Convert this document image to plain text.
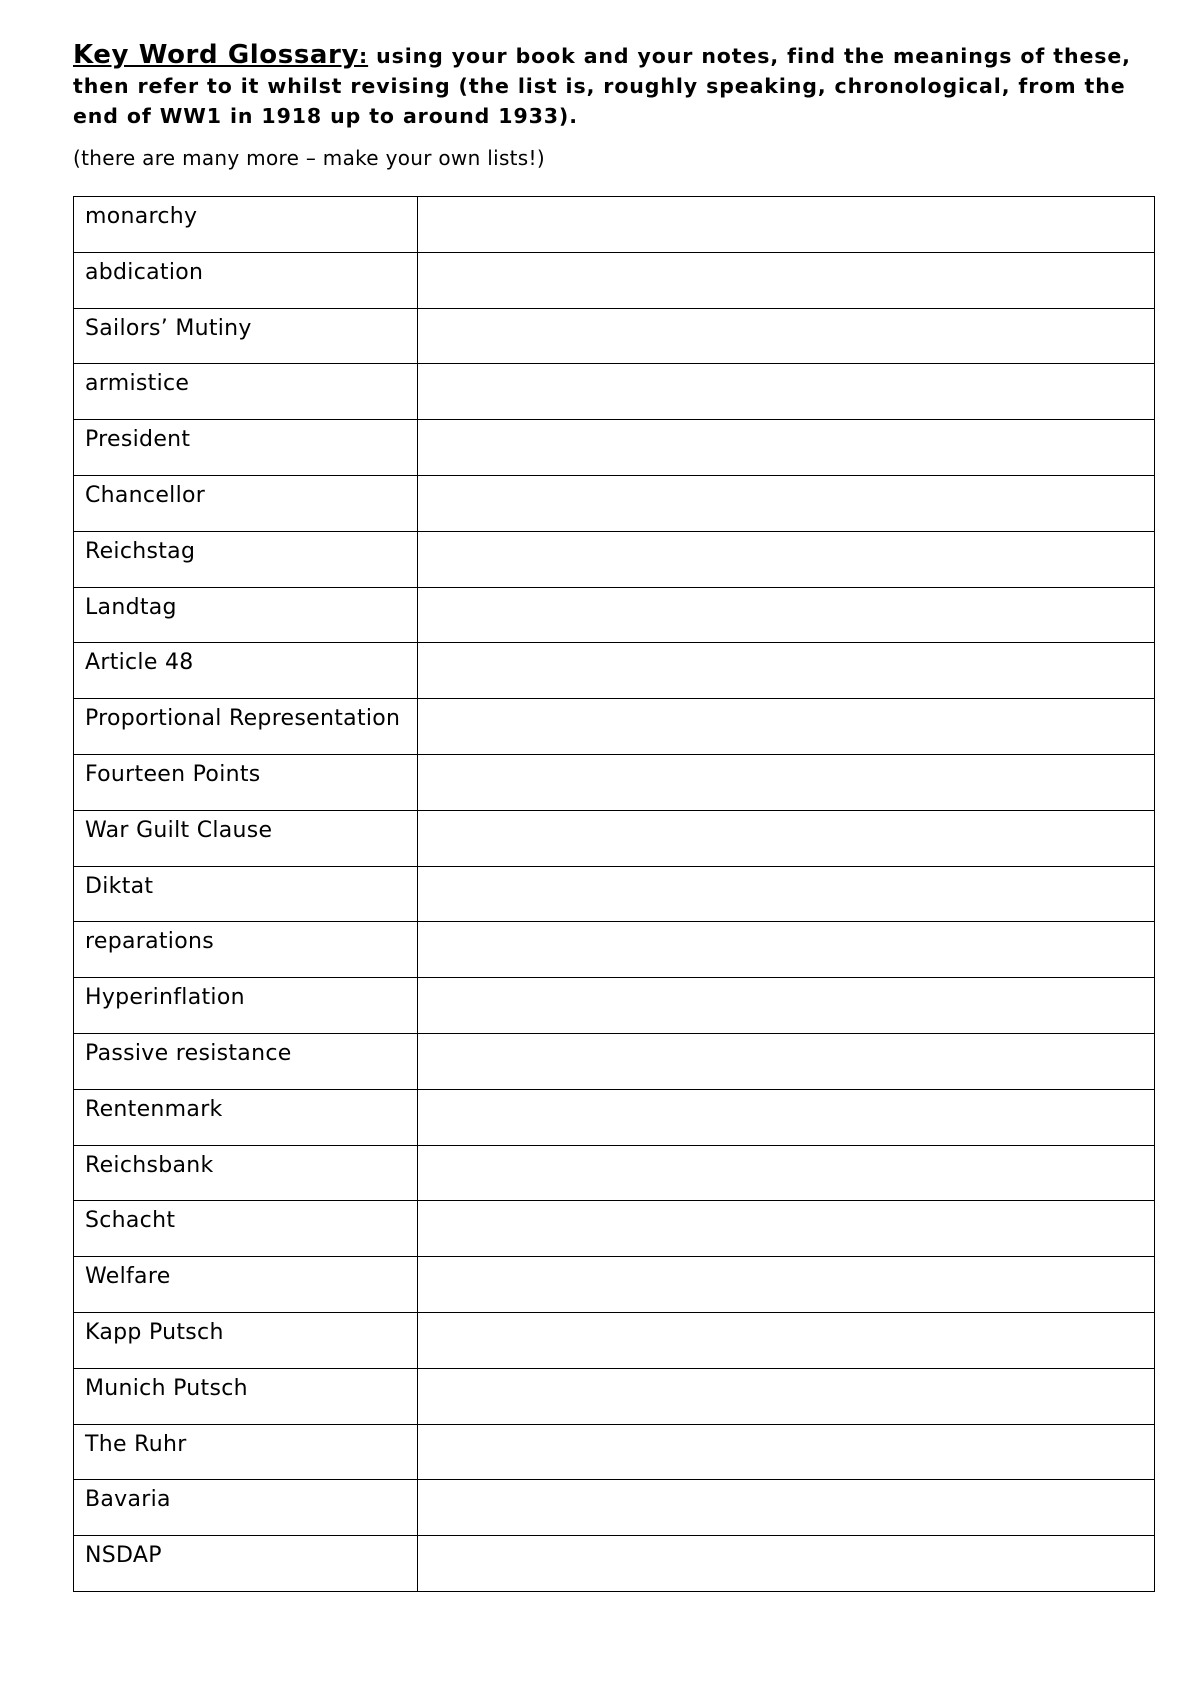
Key Word Glossary: using your book and your notes, find the meanings of these, then refer to it whilst revising (the list is, roughly speaking, chronological, from the end of WW1 in 1918 up to around 1933).

(there are many more – make your own lists!)

monarchy	
abdication	
Sailors’ Mutiny	
armistice	
President	
Chancellor	
Reichstag	
Landtag	
Article 48	
Proportional Representation	
Fourteen Points	
War Guilt Clause	
Diktat	
reparations	
Hyperinflation	
Passive resistance	
Rentenmark	
Reichsbank	
Schacht	
Welfare	
Kapp Putsch	
Munich Putsch	
The Ruhr	
Bavaria	
NSDAP	
